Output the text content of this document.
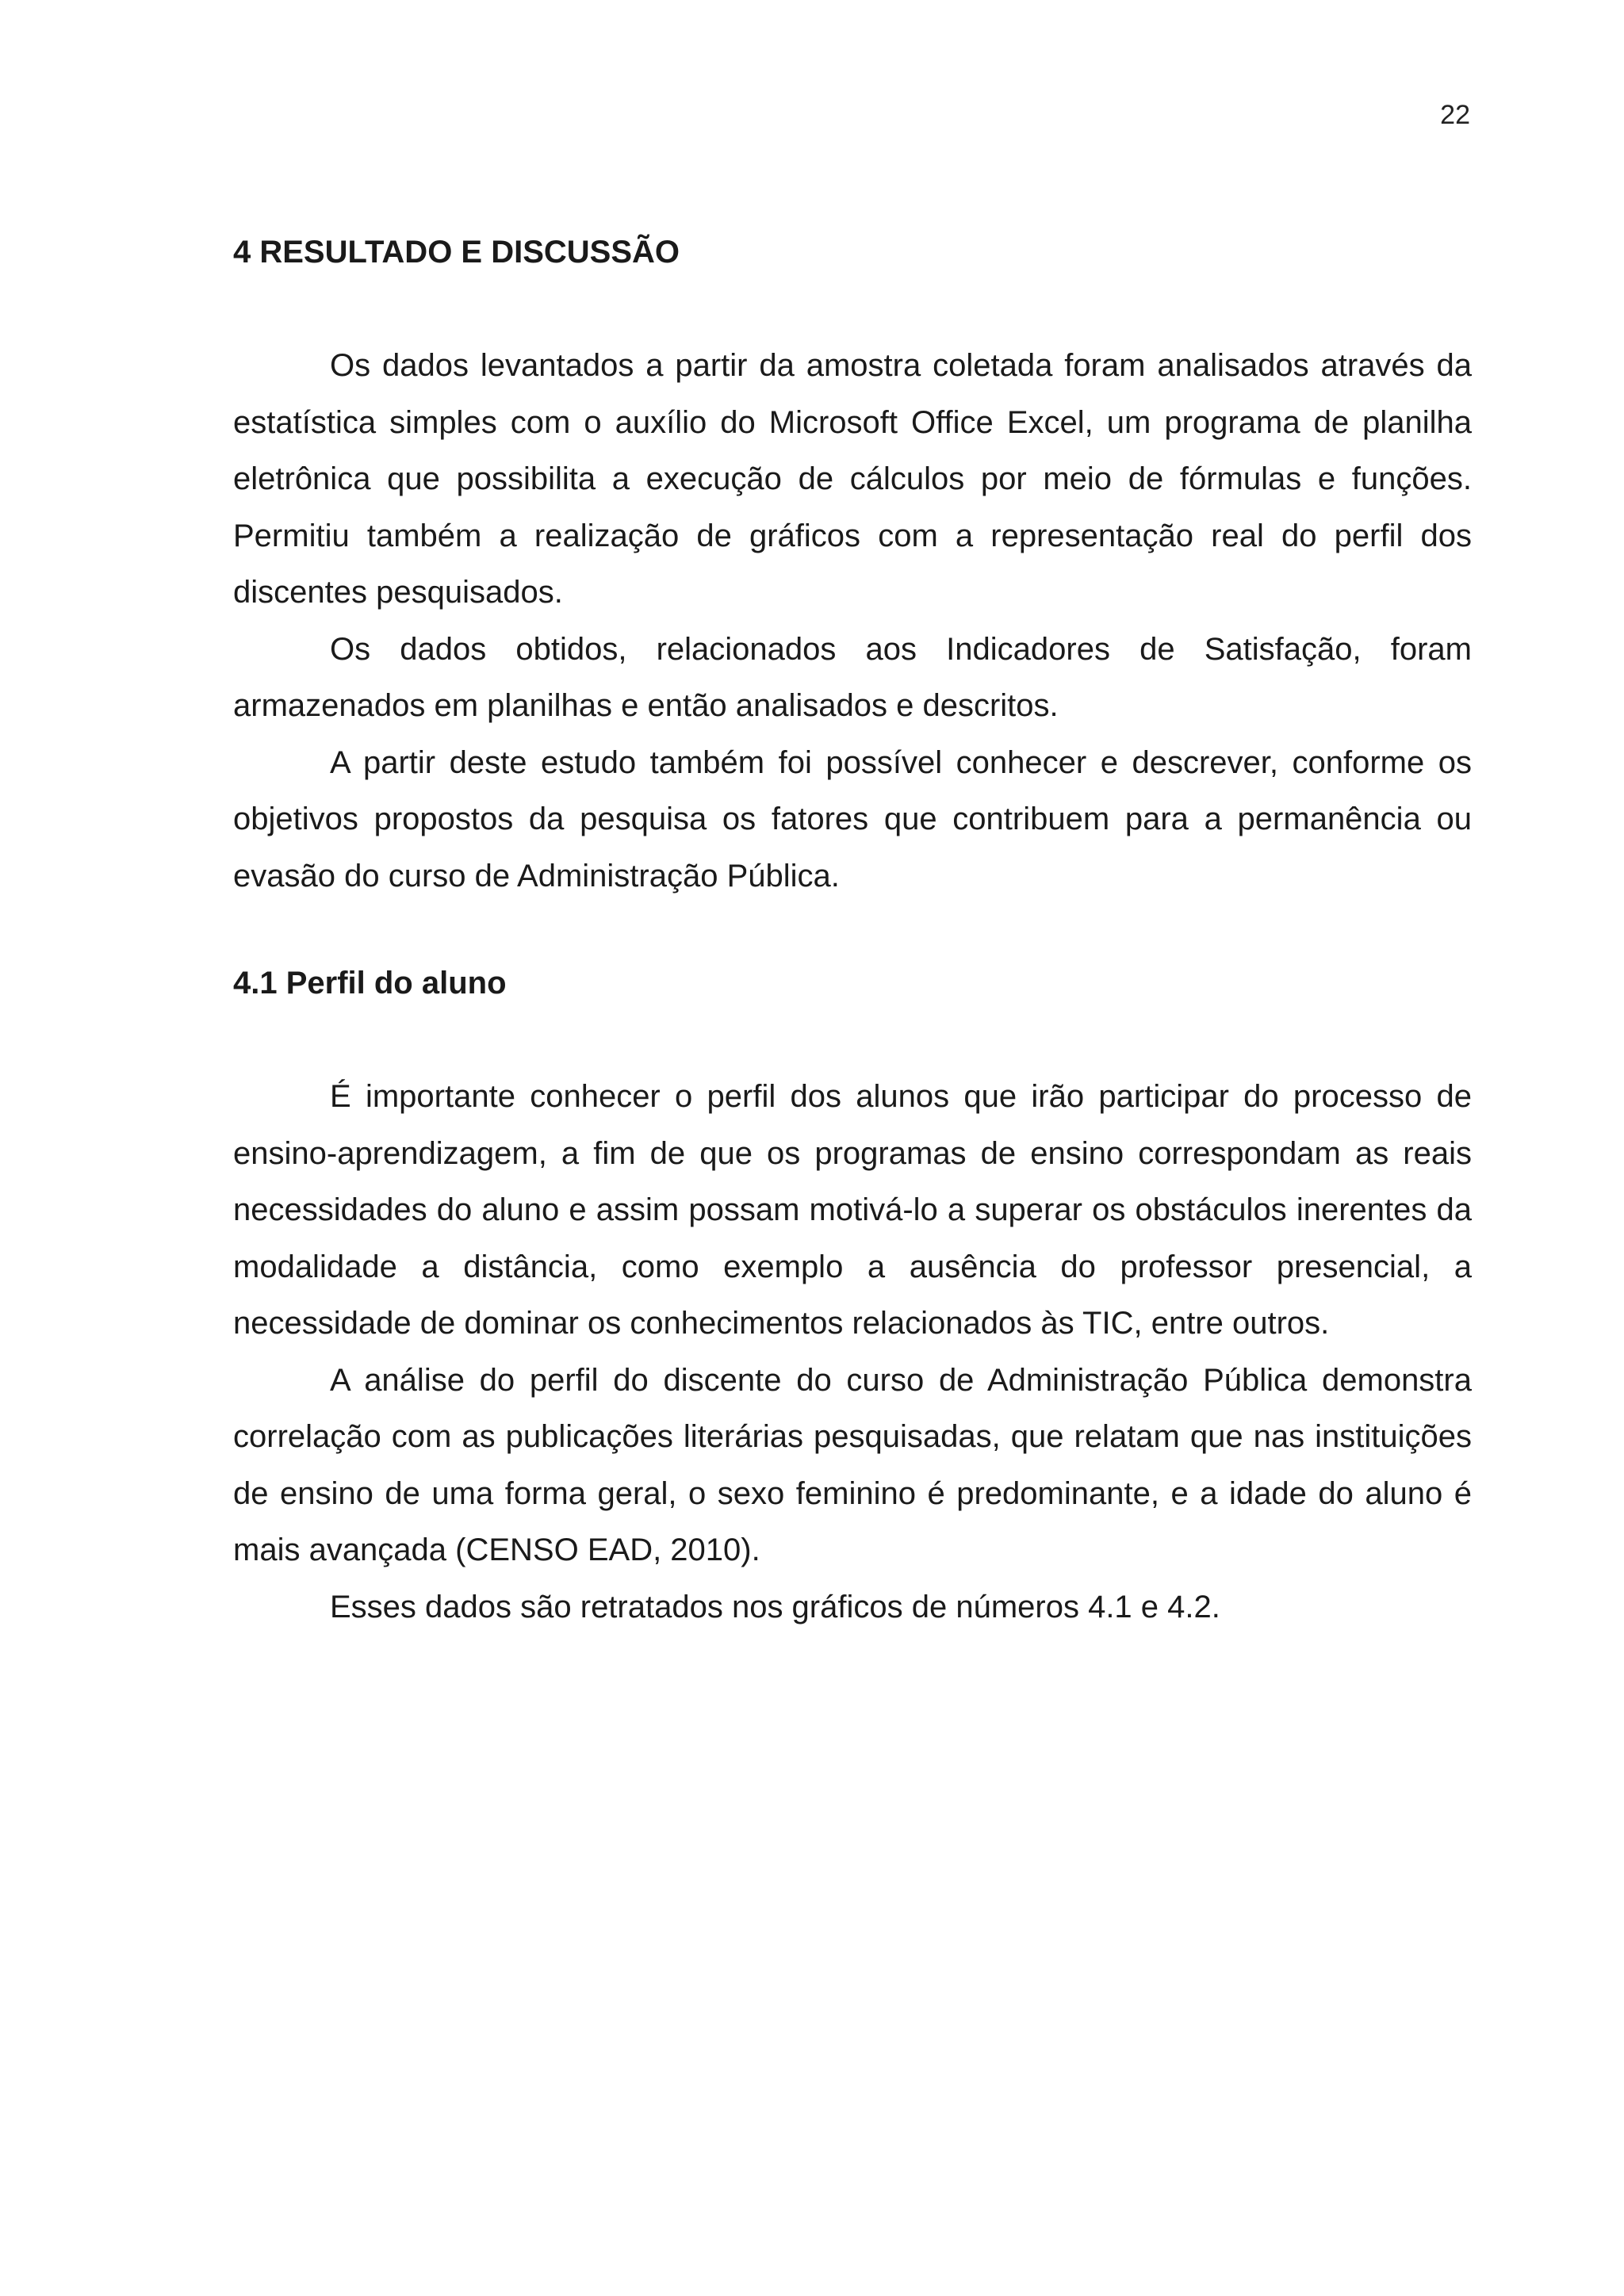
22
4 RESULTADO E DISCUSSÃO

Os dados levantados a partir da amostra coletada foram analisados através da estatística simples com o auxílio do Microsoft Office Excel, um programa de planilha eletrônica que possibilita a execução de cálculos por meio de fórmulas e funções. Permitiu também a realização de gráficos com a representação real do perfil dos discentes pesquisados.

Os dados obtidos, relacionados aos Indicadores de Satisfação, foram armazenados em planilhas e então analisados e descritos.

A partir deste estudo também foi possível conhecer e descrever, conforme os objetivos propostos da pesquisa os fatores que contribuem para a permanência ou evasão do curso de Administração Pública.

4.1 Perfil do aluno

É importante conhecer o perfil dos alunos que irão participar do processo de ensino-aprendizagem, a fim de que os programas de ensino correspondam as reais necessidades do aluno e assim possam motivá-lo a superar os obstáculos inerentes da modalidade a distância, como exemplo a ausência do professor presencial, a necessidade de dominar os conhecimentos relacionados às TIC, entre outros.

A análise do perfil do discente do curso de Administração Pública demonstra correlação com as publicações literárias pesquisadas, que relatam que nas instituições de ensino de uma forma geral, o sexo feminino é predominante, e a idade do aluno é mais avançada (CENSO EAD, 2010).

Esses dados são retratados nos gráficos de números 4.1 e 4.2.
